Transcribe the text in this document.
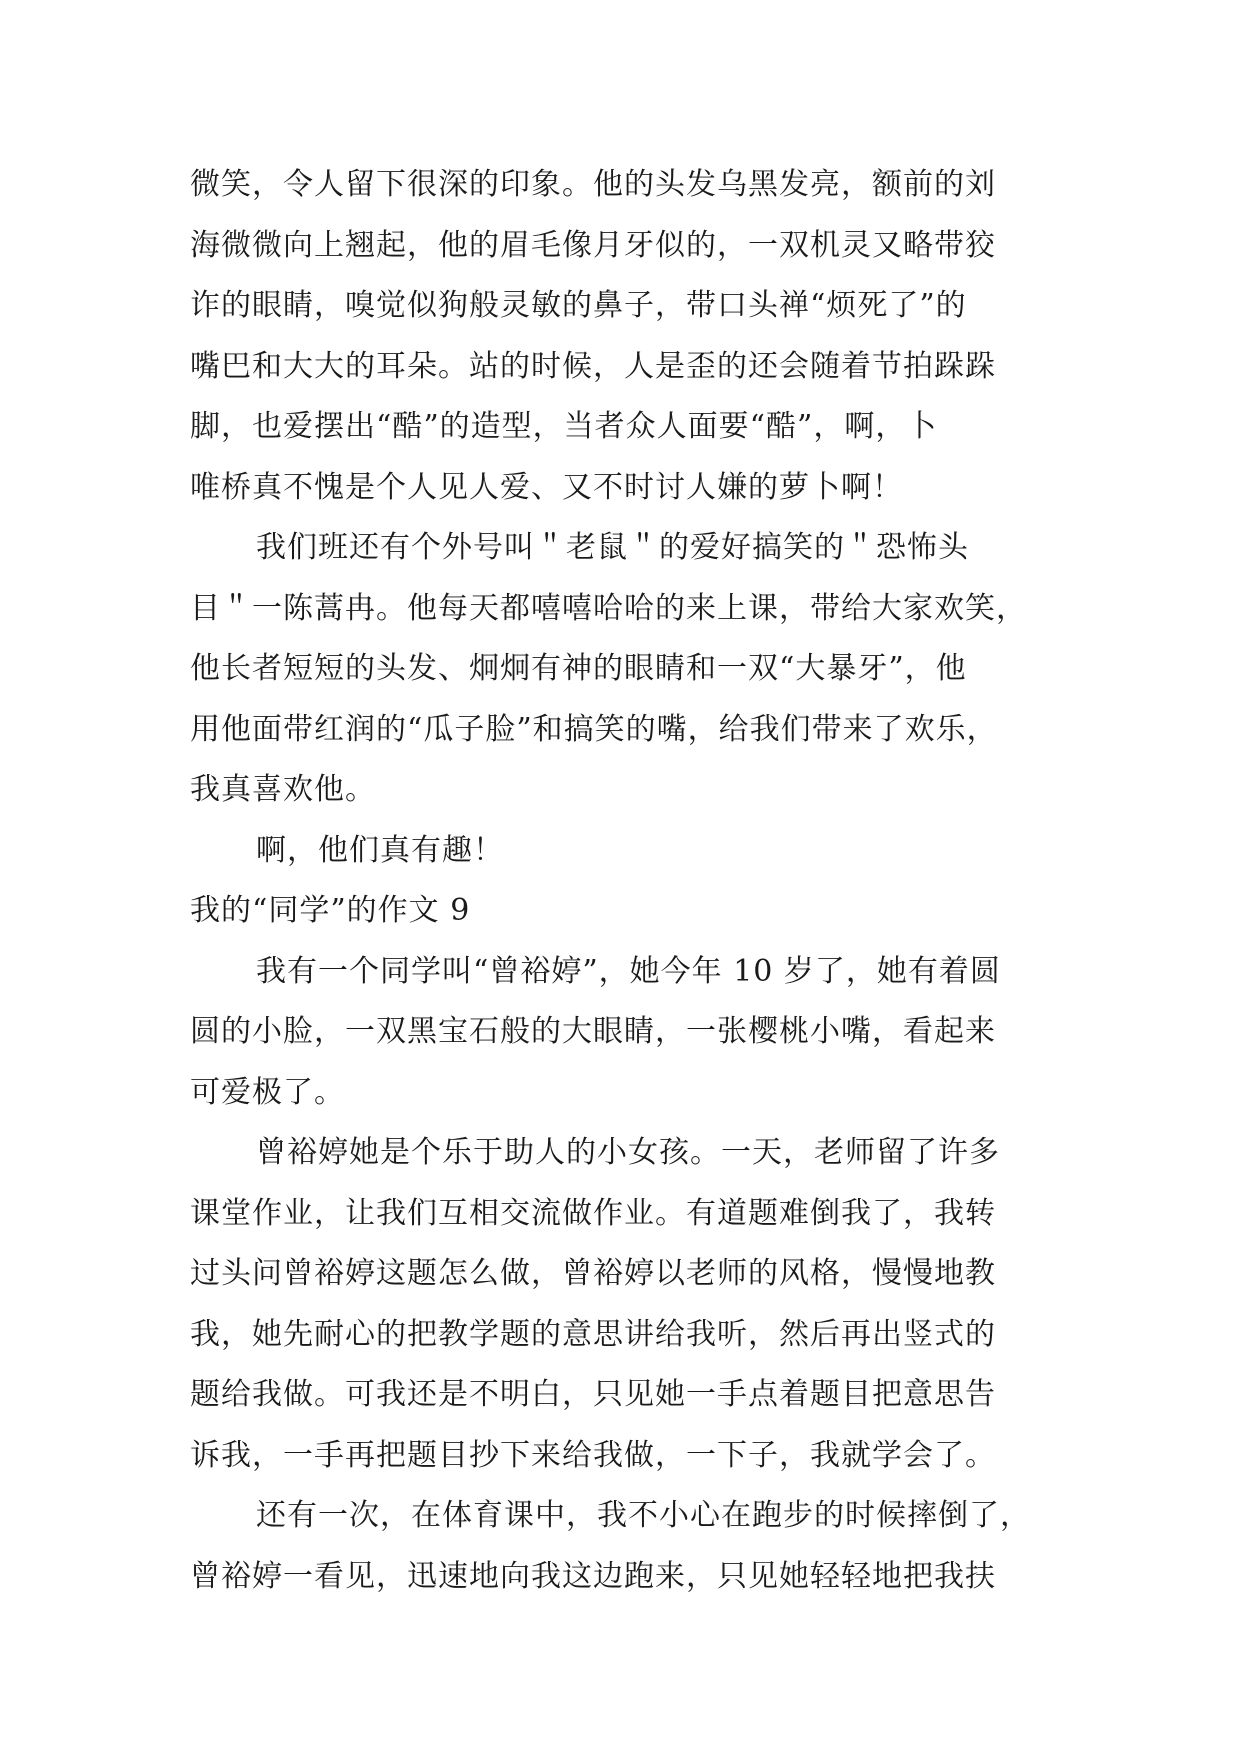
微笑，令人留下很深的印象。他的头发乌黑发亮，额前的刘
海微微向上翘起，他的眉毛像月牙似的，一双机灵又略带狡
诈的眼睛，嗅觉似狗般灵敏的鼻子，带口头禅“烦死了”的
嘴巴和大大的耳朵。站的时候，人是歪的还会随着节拍跺跺
脚，也爱摆出“酷”的造型，当者众人面要“酷”，啊，卜
唯桥真不愧是个人见人爱、又不时讨人嫌的萝卜啊！
我们班还有个外号叫＂老鼠＂的爱好搞笑的＂恐怖头
目＂一陈蒿冉。他每天都嘻嘻哈哈的来上课，带给大家欢笑，
他长者短短的头发、炯炯有神的眼睛和一双“大暴牙”，他
用他面带红润的“瓜子脸”和搞笑的嘴，给我们带来了欢乐，
我真喜欢他。
啊，他们真有趣！
我的“同学”的作文 9
我有一个同学叫“曾裕婷”，她今年 10 岁了，她有着圆
圆的小脸，一双黑宝石般的大眼睛，一张樱桃小嘴，看起来
可爱极了。
曾裕婷她是个乐于助人的小女孩。一天，老师留了许多
课堂作业，让我们互相交流做作业。有道题难倒我了，我转
过头问曾裕婷这题怎么做，曾裕婷以老师的风格，慢慢地教
我，她先耐心的把教学题的意思讲给我听，然后再出竖式的
题给我做。可我还是不明白，只见她一手点着题目把意思告
诉我，一手再把题目抄下来给我做，一下子，我就学会了。
还有一次，在体育课中，我不小心在跑步的时候摔倒了，
曾裕婷一看见，迅速地向我这边跑来，只见她轻轻地把我扶
